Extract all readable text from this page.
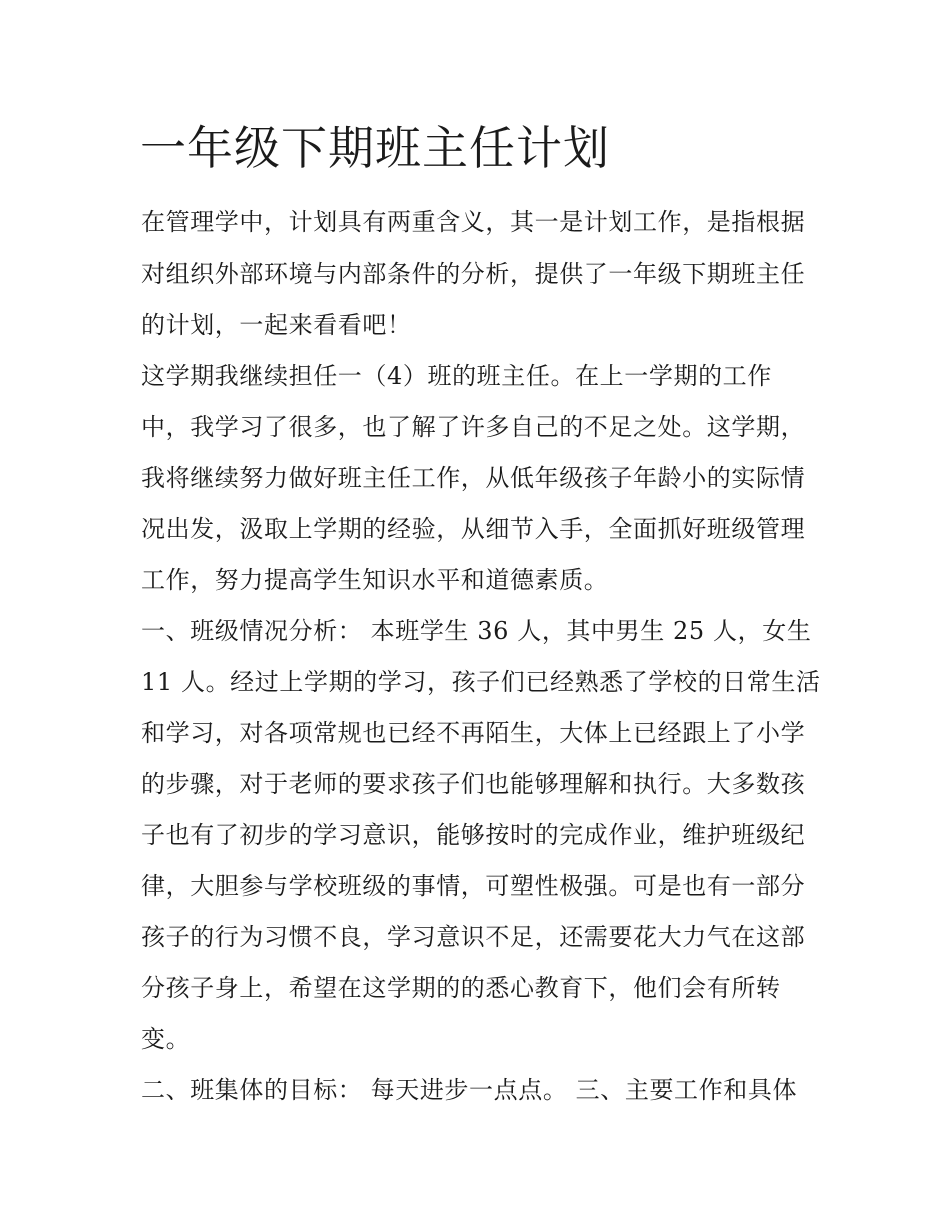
一年级下期班主任计划

在管理学中，计划具有两重含义，其一是计划工作，是指根据

对组织外部环境与内部条件的分析，提供了一年级下期班主任

的计划，一起来看看吧！

这学期我继续担任一（4）班的班主任。在上一学期的工作

中，我学习了很多，也了解了许多自己的不足之处。这学期，

我将继续努力做好班主任工作，从低年级孩子年龄小的实际情

况出发，汲取上学期的经验，从细节入手，全面抓好班级管理

工作，努力提高学生知识水平和道德素质。

一、班级情况分析： 本班学生 36 人，其中男生 25 人，女生

11 人。经过上学期的学习，孩子们已经熟悉了学校的日常生活

和学习，对各项常规也已经不再陌生，大体上已经跟上了小学

的步骤，对于老师的要求孩子们也能够理解和执行。大多数孩

子也有了初步的学习意识，能够按时的完成作业，维护班级纪

律，大胆参与学校班级的事情，可塑性极强。可是也有一部分

孩子的行为习惯不良，学习意识不足，还需要花大力气在这部

分孩子身上，希望在这学期的的悉心教育下，他们会有所转

变。

二、班集体的目标： 每天进步一点点。 三、主要工作和具体
